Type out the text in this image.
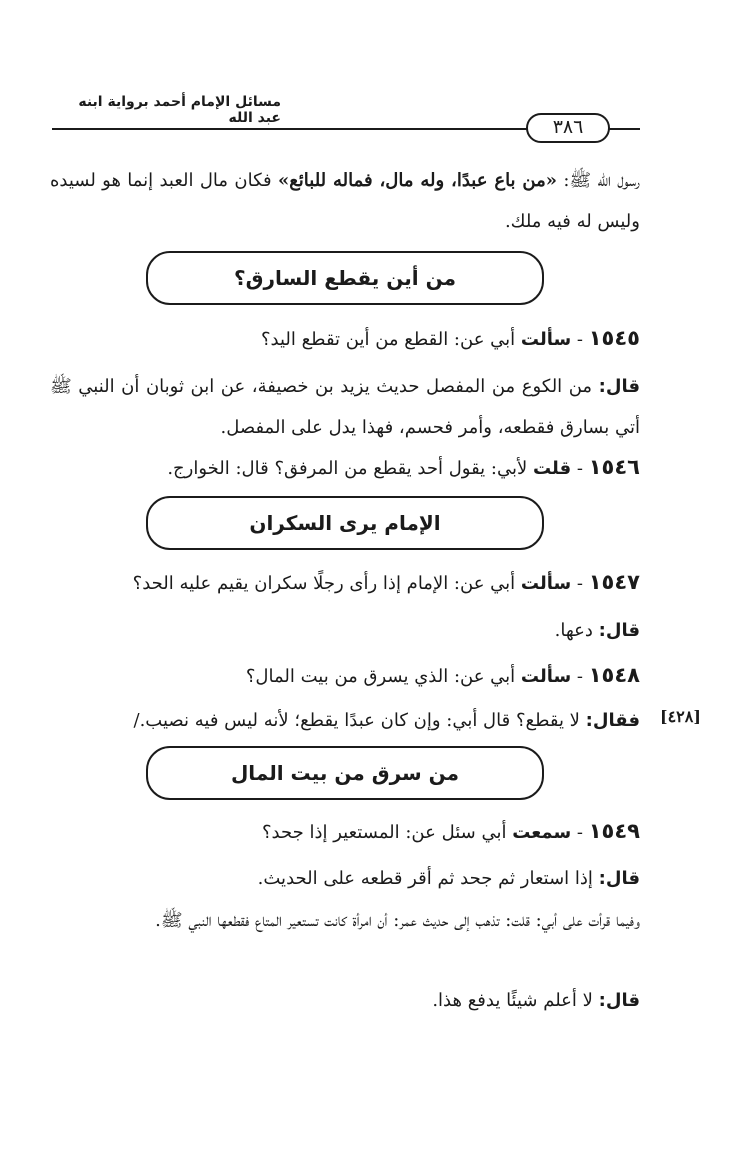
مسائل الإمام أحمد برواية ابنه عبد الله	٣٨٦
رسول الله ﷺ: «من باع عبدًا، وله مال، فماله للبائع» فكان مال العبد إنما هو لسيده وليس له فيه ملك.
من أين يقطع السارق؟
١٥٤٥ - سألت أبي عن: القطع من أين تقطع اليد؟
قال: من الكوع من المفصل حديث يزيد بن خصيفة، عن ابن ثوبان أن النبي ﷺ أتي بسارق فقطعه، وأمر فحسم، فهذا يدل على المفصل.
١٥٤٦ - قلت لأبي: يقول أحد يقطع من المرفق؟ قال: الخوارج.
الإمام يرى السكران
١٥٤٧ - سألت أبي عن: الإمام إذا رأى رجلًا سكران يقيم عليه الحد؟
قال: دعها.
١٥٤٨ - سألت أبي عن: الذي يسرق من بيت المال؟
فقال: لا يقطع؟ قال أبي: وإن كان عبدًا يقطع؛ لأنه ليس فيه نصيب./	[٤٢٨]
من سرق من بيت المال
١٥٤٩ - سمعت أبي سئل عن: المستعير إذا جحد؟
قال: إذا استعار ثم جحد ثم أقر قطعه على الحديث.
وفيما قرأت على أبي: قلت: تذهب إلى حديث عمر: أن امرأة كانت تستعير المتاع فقطعها النبي ﷺ.
قال: لا أعلم شيئًا يدفع هذا.
